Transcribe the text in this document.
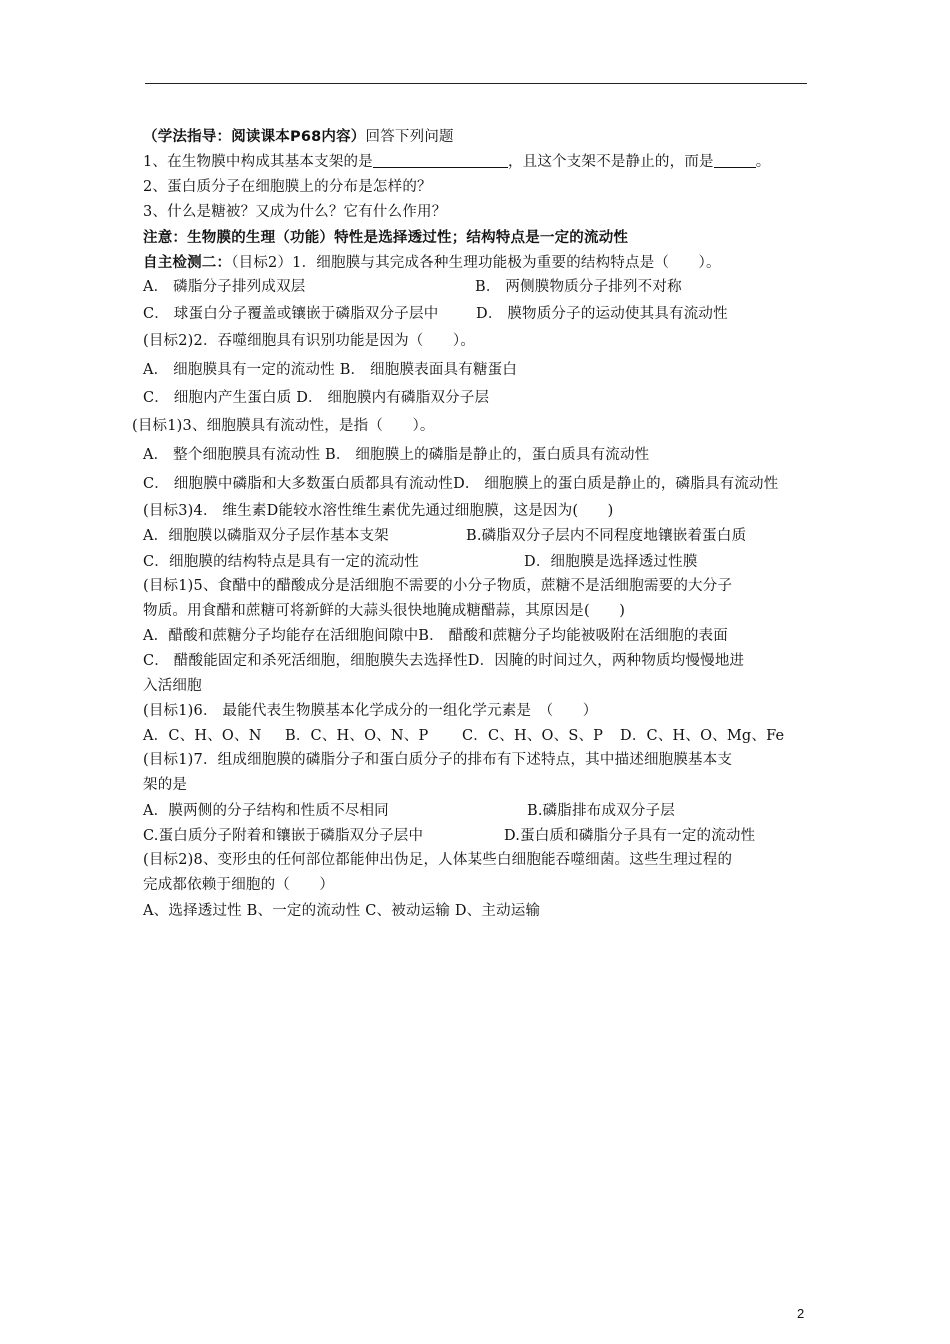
（学法指导：阅读课本P68内容）回答下列问题
1、在生物膜中构成其基本支架的是	，且这个支架不是静止的，而是	。
2、蛋白质分子在细胞膜上的分布是怎样的？
3、什么是糖被？又成为什么？它有什么作用？
注意：生物膜的生理（功能）特性是选择透过性；结构特点是一定的流动性
自主检测二：（目标2）1．细胞膜与其完成各种生理功能极为重要的结构特点是（　　）。
A． 磷脂分子排列成双层	B． 两侧膜物质分子排列不对称
C． 球蛋白分子覆盖或镶嵌于磷脂双分子层中	D． 膜物质分子的运动使其具有流动性
(目标2)2．吞噬细胞具有识别功能是因为（　　）。
A． 细胞膜具有一定的流动性 B． 细胞膜表面具有糖蛋白
C． 细胞内产生蛋白质 D． 细胞膜内有磷脂双分子层
(目标1)3、细胞膜具有流动性，是指（　　）。
A． 整个细胞膜具有流动性 B． 细胞膜上的磷脂是静止的，蛋白质具有流动性
C． 细胞膜中磷脂和大多数蛋白质都具有流动性D． 细胞膜上的蛋白质是静止的，磷脂具有流动性
(目标3)4． 维生素D能较水溶性维生素优先通过细胞膜，这是因为(　　)
A．细胞膜以磷脂双分子层作基本支架	B.磷脂双分子层内不同程度地镶嵌着蛋白质
C．细胞膜的结构特点是具有一定的流动性	D．细胞膜是选择透过性膜
(目标1)5、食醋中的醋酸成分是活细胞不需要的小分子物质，蔗糖不是活细胞需要的大分子
物质。用食醋和蔗糖可将新鲜的大蒜头很快地腌成糖醋蒜，其原因是(　　)
A．醋酸和蔗糖分子均能存在活细胞间隙中B． 醋酸和蔗糖分子均能被吸附在活细胞的表面
C． 醋酸能固定和杀死活细胞，细胞膜失去选择性D．因腌的时间过久，两种物质均慢慢地进
入活细胞
(目标1)6． 最能代表生物膜基本化学成分的一组化学元素是　（　　）
A．C、H、O、N B．C、H、O、N、P C．C、H、O、S、P D．C、H、O、Mg、Fe
(目标1)7．组成细胞膜的磷脂分子和蛋白质分子的排布有下述特点，其中描述细胞膜基本支
架的是
A．膜两侧的分子结构和性质不尽相同	B.磷脂排布成双分子层
C.蛋白质分子附着和镶嵌于磷脂双分子层中	D.蛋白质和磷脂分子具有一定的流动性
(目标2)8、变形虫的任何部位都能伸出伪足，人体某些白细胞能吞噬细菌。这些生理过程的
完成都依赖于细胞的（　　）
A、选择透过性 B、一定的流动性 C、被动运输 D、主动运输
2
